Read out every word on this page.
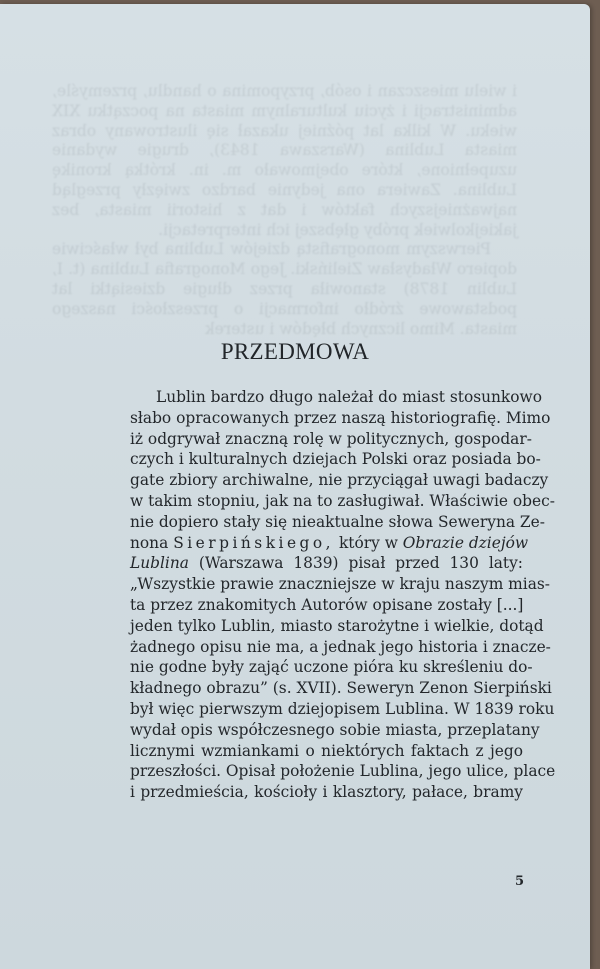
i wielu mieszczan i osób, przypomina o handlu, przemyśle, administracji i życiu kulturalnym miasta na początku XIX wieku. W kilka lat później ukazał się ilustrowany obraz miasta Lublina (Warszawa 1843), drugie wydanie uzupełnione, które obejmowało m. in. krótką kronikę Lublina. Zawiera ona jedynie bardzo zwięzły przegląd najważniejszych faktów i dat z historii miasta, bez jakiejkolwiek próby głębszej ich interpretacji.

Pierwszym monografistą dziejów Lublina był właściwie dopiero Władysław Zieliński. Jego Monografia Lublina (t. I, Lublin 1878) stanowiła przez długie dziesiątki lat podstawowe źródło informacji o przeszłości naszego miasta. Mimo licznych błędów i usterek

PRZEDMOWA
Lublin bardzo długo należał do miast stosunkowo
słabo opracowanych przez naszą historiografię. Mimo
iż odgrywał znaczną rolę w politycznych, gospodar-
czych i kulturalnych dziejach Polski oraz posiada bo-
gate zbiory archiwalne, nie przyciągał uwagi badaczy
w takim stopniu, jak na to zasługiwał. Właściwie obec-
nie dopiero stały się nieaktualne słowa Seweryna Ze-
nona Sierpińskiego, który w Obrazie dziejów
Lublina (Warszawa 1839) pisał przed 130 laty:
„Wszystkie prawie znaczniejsze w kraju naszym mias-
ta przez znakomitych Autorów opisane zostały [...]
jeden tylko Lublin, miasto starożytne i wielkie, dotąd
żadnego opisu nie ma, a jednak jego historia i znacze-
nie godne były zająć uczone pióra ku skreśleniu do-
kładnego obrazu” (s. XVII). Seweryn Zenon Sierpiński
był więc pierwszym dziejopisem Lublina. W 1839 roku
wydał opis współczesnego sobie miasta, przeplatany
licznymi wzmiankami o niektórych faktach z jego
przeszłości. Opisał położenie Lublina, jego ulice, place
i przedmieścia, kościoły i klasztory, pałace, bramy
5
